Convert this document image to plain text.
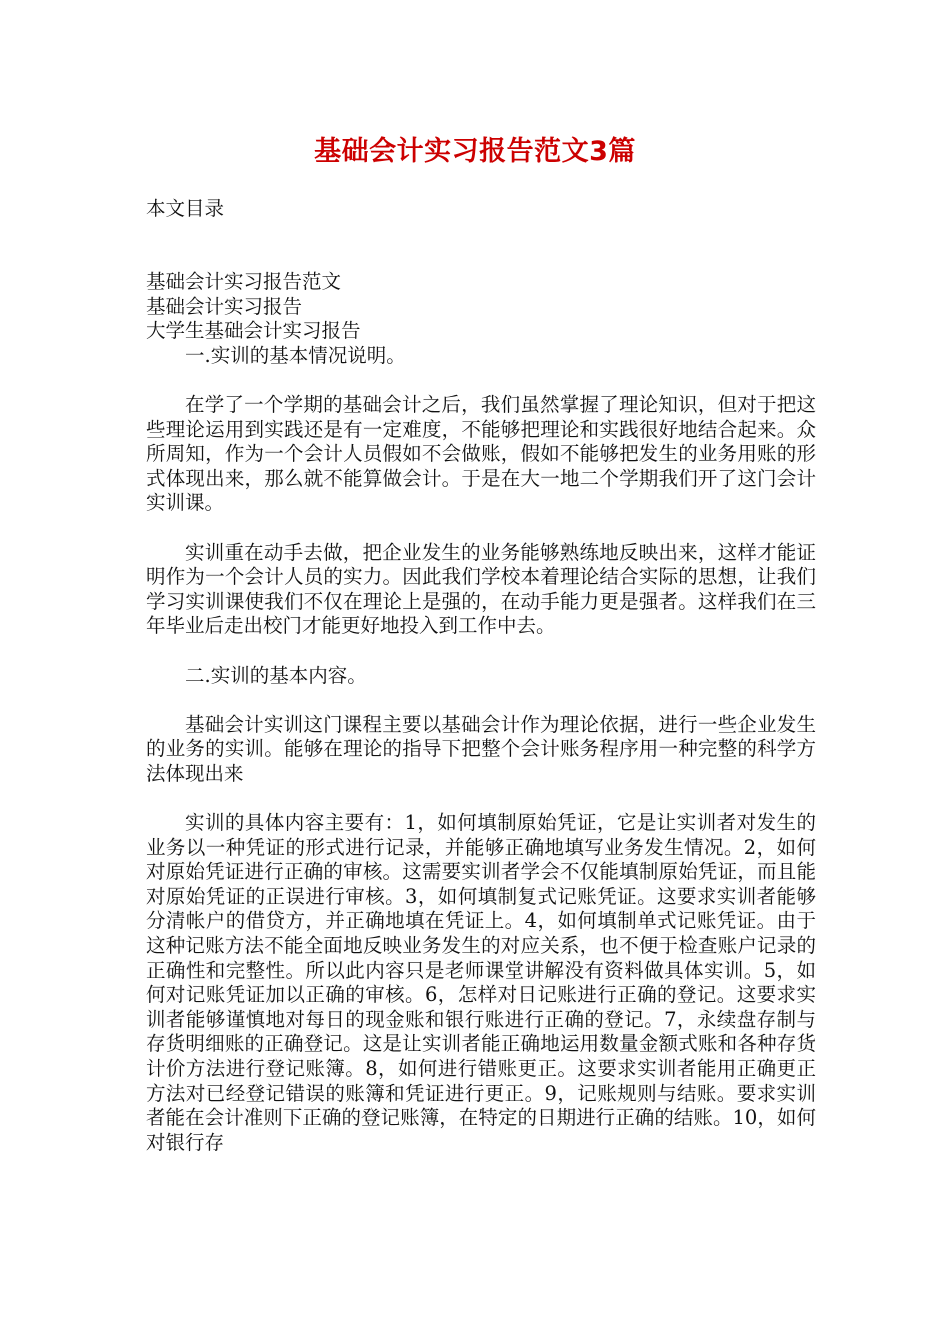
基础会计实习报告范文3篇

本文目录

基础会计实习报告范文

基础会计实习报告

大学生基础会计实习报告

一.实训的基本情况说明。

在学了一个学期的基础会计之后，我们虽然掌握了理论知识，但对于把这些理论运用到实践还是有一定难度，不能够把理论和实践很好地结合起来。众所周知，作为一个会计人员假如不会做账，假如不能够把发生的业务用账的形式体现出来，那么就不能算做会计。于是在大一地二个学期我们开了这门会计实训课。

实训重在动手去做，把企业发生的业务能够熟练地反映出来，这样才能证明作为一个会计人员的实力。因此我们学校本着理论结合实际的思想，让我们学习实训课使我们不仅在理论上是强的，在动手能力更是强者。这样我们在三年毕业后走出校门才能更好地投入到工作中去。

二.实训的基本内容。

基础会计实训这门课程主要以基础会计作为理论依据，进行一些企业发生的业务的实训。能够在理论的指导下把整个会计账务程序用一种完整的科学方法体现出来

实训的具体内容主要有：1，如何填制原始凭证，它是让实训者对发生的业务以一种凭证的形式进行记录，并能够正确地填写业务发生情况。2，如何对原始凭证进行正确的审核。这需要实训者学会不仅能填制原始凭证，而且能对原始凭证的正误进行审核。3，如何填制复式记账凭证。这要求实训者能够分清帐户的借贷方，并正确地填在凭证上。4，如何填制单式记账凭证。由于这种记账方法不能全面地反映业务发生的对应关系，也不便于检查账户记录的正确性和完整性。所以此内容只是老师课堂讲解没有资料做具体实训。5，如何对记账凭证加以正确的审核。6，怎样对日记账进行正确的登记。这要求实训者能够谨慎地对每日的现金账和银行账进行正确的登记。7，永续盘存制与存货明细账的正确登记。这是让实训者能正确地运用数量金额式账和各种存货计价方法进行登记账簿。8，如何进行错账更正。这要求实训者能用正确更正方法对已经登记错误的账簿和凭证进行更正。9，记账规则与结账。要求实训者能在会计准则下正确的登记账簿，在特定的日期进行正确的结账。10，如何对银行存
